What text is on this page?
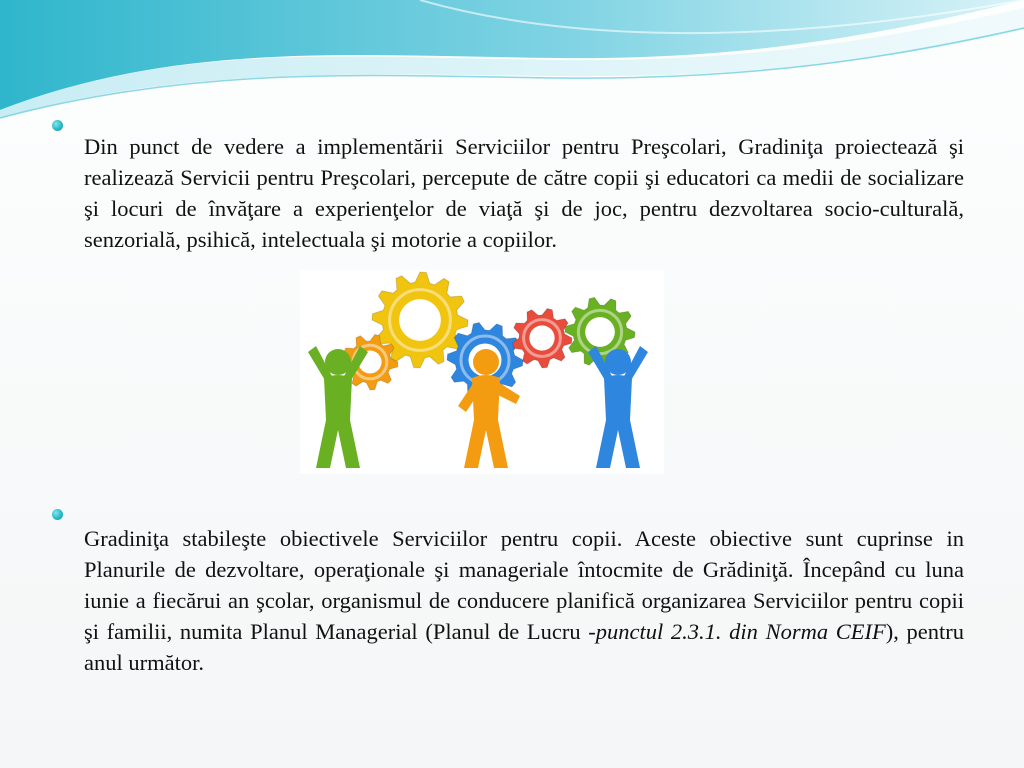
Din punct de vedere a implementării Serviciilor pentru Preşcolari, Gradiniţa proiectează şi realizează Servicii pentru Preşcolari, percepute de către copii şi educatori ca medii de socializare şi locuri de învăţare a experienţelor de viaţă şi de joc, pentru dezvoltarea socio-culturală, senzorială, psihică, intelectuala şi motorie a copiilor.

Gradiniţa stabileşte obiectivele Serviciilor pentru copii. Aceste obiective sunt cuprinse in Planurile de dezvoltare, operaţionale şi manageriale întocmite de Grădiniţă. Începând cu luna iunie a fiecărui an şcolar, organismul de conducere planifică organizarea Serviciilor pentru copii şi familii, numita Planul Managerial (Planul de Lucru -punctul 2.3.1. din Norma CEIF), pentru anul următor.
